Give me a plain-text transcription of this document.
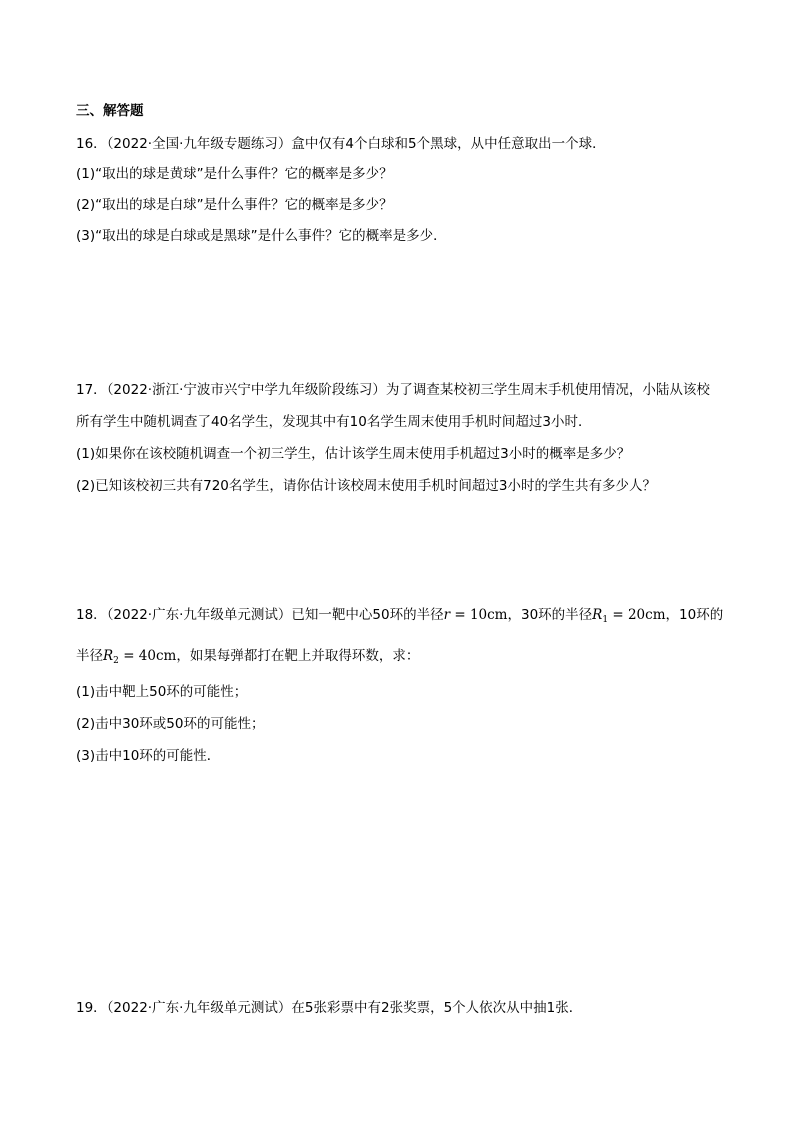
三、解答题
16．（2022·全国·九年级专题练习）盒中仅有4个白球和5个黑球，从中任意取出一个球．
(1)“取出的球是黄球”是什么事件？它的概率是多少？
(2)“取出的球是白球”是什么事件？它的概率是多少？
(3)“取出的球是白球或是黑球”是什么事件？它的概率是多少．
17．（2022·浙江·宁波市兴宁中学九年级阶段练习）为了调查某校初三学生周末手机使用情况，小陆从该校
所有学生中随机调查了40名学生，发现其中有10名学生周末使用手机时间超过3小时．
(1)如果你在该校随机调查一个初三学生，估计该学生周末使用手机超过3小时的概率是多少？
(2)已知该校初三共有720名学生，请你估计该校周末使用手机时间超过3小时的学生共有多少人？
18．（2022·广东·九年级单元测试）已知一靶中心50环的半径r = 10cm，30环的半径$R_1 = 20cm$，10环的
半径$R_2 = 40cm$，如果每弹都打在靶上并取得环数，求：
(1)击中靶上50环的可能性；
(2)击中30环或50环的可能性；
(3)击中10环的可能性．
19．（2022·广东·九年级单元测试）在5张彩票中有2张奖票，5个人依次从中抽1张．
